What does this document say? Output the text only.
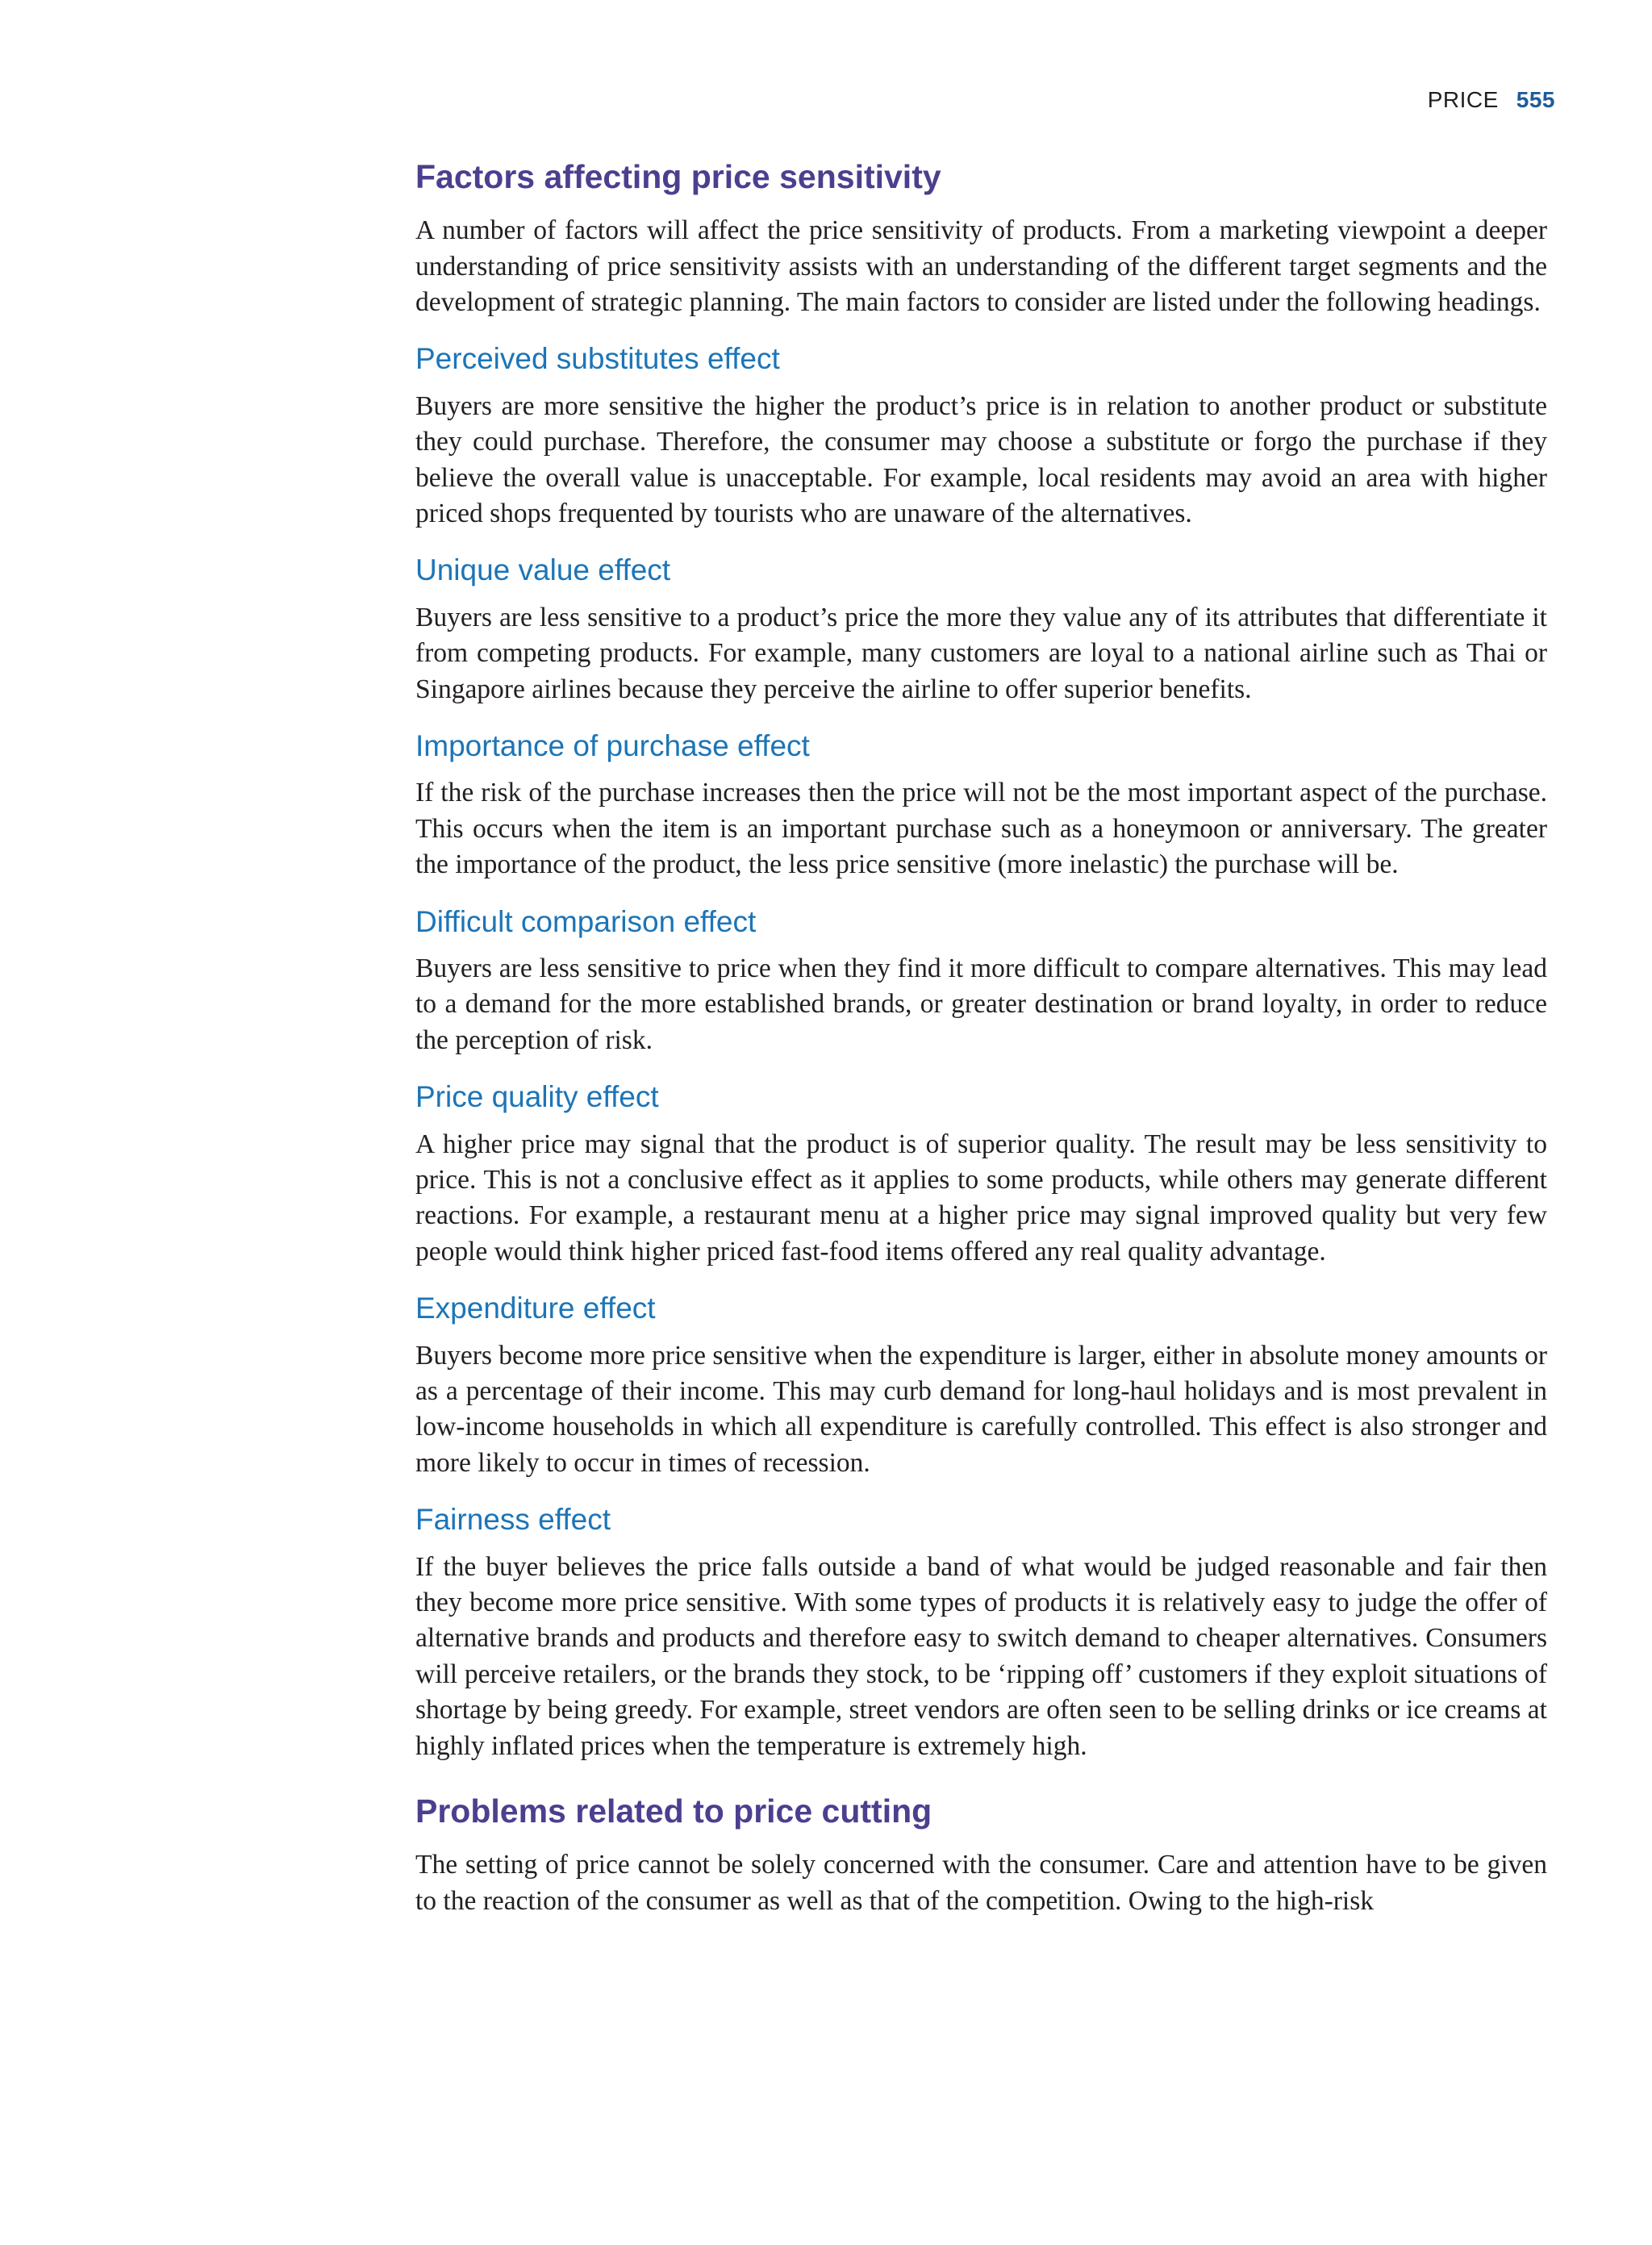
PRICE 555
Factors affecting price sensitivity

A number of factors will affect the price sensitivity of products. From a marketing viewpoint a deeper understanding of price sensitivity assists with an understanding of the different target segments and the development of strategic planning. The main factors to consider are listed under the following headings.

Perceived substitutes effect

Buyers are more sensitive the higher the product’s price is in relation to another product or substitute they could purchase. Therefore, the consumer may choose a substitute or forgo the purchase if they believe the overall value is unacceptable. For example, local residents may avoid an area with higher priced shops frequented by tourists who are unaware of the alternatives.

Unique value effect

Buyers are less sensitive to a product’s price the more they value any of its attributes that differentiate it from competing products. For example, many customers are loyal to a national airline such as Thai or Singapore airlines because they perceive the airline to offer superior benefits.

Importance of purchase effect

If the risk of the purchase increases then the price will not be the most important aspect of the purchase. This occurs when the item is an important purchase such as a honeymoon or anniversary. The greater the importance of the product, the less price sensitive (more inelastic) the purchase will be.

Difficult comparison effect

Buyers are less sensitive to price when they find it more difficult to compare alternatives. This may lead to a demand for the more established brands, or greater destination or brand loyalty, in order to reduce the perception of risk.

Price quality effect

A higher price may signal that the product is of superior quality. The result may be less sensitivity to price. This is not a conclusive effect as it applies to some products, while others may generate different reactions. For example, a restaurant menu at a higher price may signal improved quality but very few people would think higher priced fast-food items offered any real quality advantage.

Expenditure effect

Buyers become more price sensitive when the expenditure is larger, either in absolute money amounts or as a percentage of their income. This may curb demand for long-haul holidays and is most prevalent in low-income households in which all expenditure is carefully controlled. This effect is also stronger and more likely to occur in times of recession.

Fairness effect

If the buyer believes the price falls outside a band of what would be judged reasonable and fair then they become more price sensitive. With some types of products it is relatively easy to judge the offer of alternative brands and products and therefore easy to switch demand to cheaper alternatives. Consumers will perceive retailers, or the brands they stock, to be ‘ripping off’ customers if they exploit situations of shortage by being greedy. For example, street vendors are often seen to be selling drinks or ice creams at highly inflated prices when the temperature is extremely high.

Problems related to price cutting

The setting of price cannot be solely concerned with the consumer. Care and attention have to be given to the reaction of the consumer as well as that of the competition. Owing to the high-risk
